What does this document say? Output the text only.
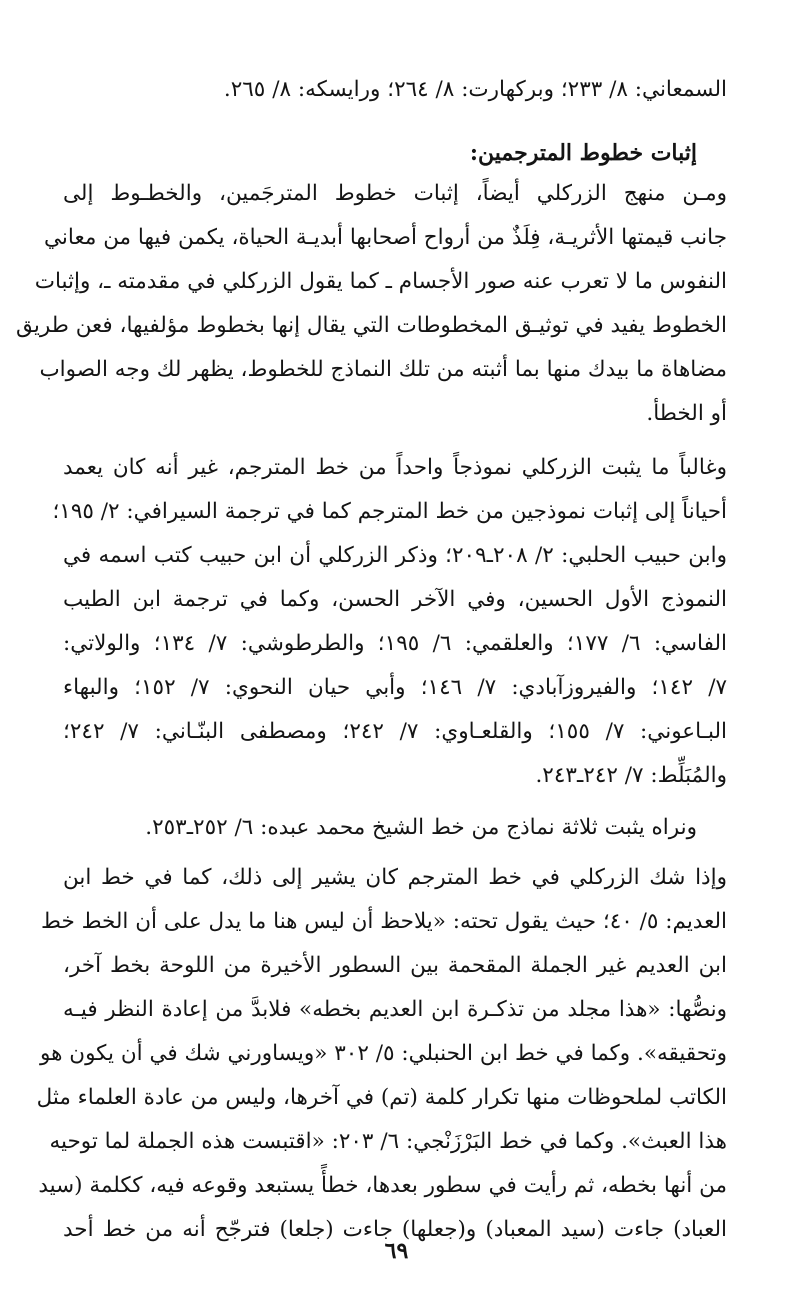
السمعاني: ٨/ ٢٣٣؛ وبركهارت: ٨/ ٢٦٤؛ ورايسكه: ٨/ ٢٦٥.
إثبات خطوط المترجمين:
ومـن منهج الزركلي أيضاً، إثبات خطوط المترجَمين، والخطـوط إلى
جانب قيمتها الأثريـة، فِلَذٌ من أرواح أصحابها أبديـة الحياة، يكمن فيها من معاني
النفوس ما لا تعرب عنه صور الأجسام ـ كما يقول الزركلي في مقدمته ـ، وإثبات
الخطوط يفيد في توثيـق المخطوطات التي يقال إنها بخطوط مؤلفيها، فعن طريق
مضاهاة ما بيدك منها بما أثبته من تلك النماذج للخطوط، يظهر لك وجه الصواب
أو الخطأ.
وغالباً ما يثبت الزركلي نموذجاً واحداً من خط المترجم، غير أنه كان يعمد
أحياناً إلى إثبات نموذجين من خط المترجم كما في ترجمة السيرافي: ٢/ ١٩٥؛
وابن حبيب الحلبي: ٢/ ٢٠٨ـ٢٠٩؛ وذكر الزركلي أن ابن حبيب كتب اسمه في
النموذج الأول الحسين، وفي الآخر الحسن، وكما في ترجمة ابن الطيب
الفاسي: ٦/ ١٧٧؛ والعلقمي: ٦/ ١٩٥؛ والطرطوشي: ٧/ ١٣٤؛ والولاتي:
٧/ ١٤٢؛ والفيروزآبادي: ٧/ ١٤٦؛ وأبي حيان النحوي: ٧/ ١٥٢؛ والبهاء
البـاعوني: ٧/ ١٥٥؛ والقلعـاوي: ٧/ ٢٤٢؛ ومصطفى البنّـاني: ٧/ ٢٤٢؛
والمُبَلِّط: ٧/ ٢٤٢ـ٢٤٣.
ونراه يثبت ثلاثة نماذج من خط الشيخ محمد عبده: ٦/ ٢٥٢ـ٢٥٣.
وإذا شك الزركلي في خط المترجم كان يشير إلى ذلك، كما في خط ابن
العديم: ٥/ ٤٠؛ حيث يقول تحته: «يلاحظ أن ليس هنا ما يدل على أن الخط خط
ابن العديم غير الجملة المقحمة بين السطور الأخيرة من اللوحة بخط آخر،
ونصُّها: «هذا مجلد من تذكـرة ابن العديم بخطه» فلابدَّ من إعادة النظر فيـه
وتحقيقه». وكما في خط ابن الحنبلي: ٥/ ٣٠٢ «ويساورني شك في أن يكون هو
الكاتب لملحوظات منها تكرار كلمة (تم) في آخرها، وليس من عادة العلماء مثل
هذا العبث». وكما في خط البَرْزَنْجي: ٦/ ٢٠٣: «اقتبست هذه الجملة لما توحيه
من أنها بخطه، ثم رأيت في سطور بعدها، خطأً يستبعد وقوعه فيه، ككلمة (سيد
العباد) جاءت (سيد المعباد) و(جعلها) جاءت (جلعا) فترجّح أنه من خط أحد
٦٩
